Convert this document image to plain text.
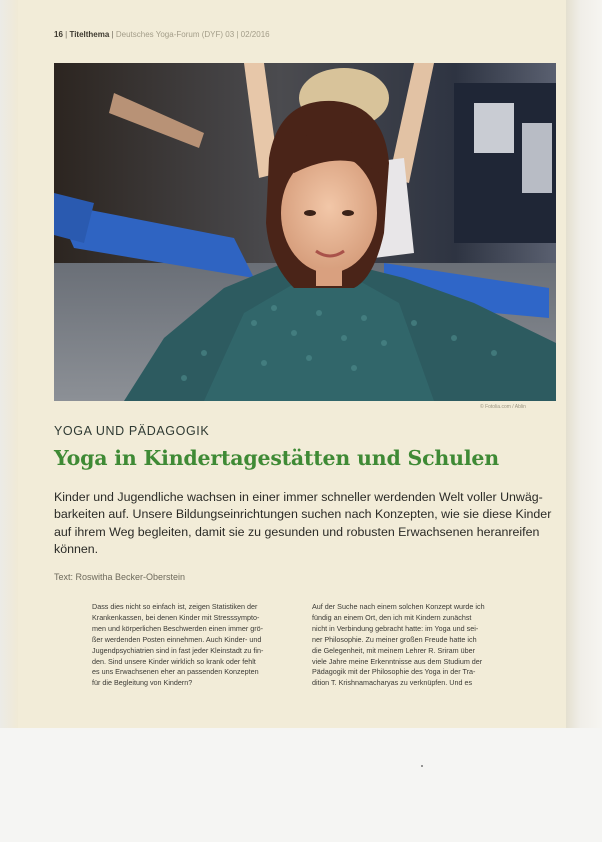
16 | Titelthema | Deutsches Yoga-Forum (DYF) 03 | 02/2016
© Fotolia.com / Ablin
YOGA UND PÄDAGOGIK
Yoga in Kindertagestätten und Schulen
Kinder und Jugendliche wachsen in einer immer schneller werdenden Welt voller Unwäg-
barkeiten auf. Unsere Bildungseinrichtungen suchen nach Konzepten, wie sie diese Kinder
auf ihrem Weg begleiten, damit sie zu gesunden und robusten Erwachsenen heranreifen
können.
Text: Roswitha Becker-Oberstein
Dass dies nicht so einfach ist, zeigen Statistiken der
Krankenkassen, bei denen Kinder mit Stresssympto-
men und körperlichen Beschwerden einen immer grö-
ßer werdenden Posten einnehmen. Auch Kinder- und
Jugendpsychiatrien sind in fast jeder Kleinstadt zu fin-
den. Sind unsere Kinder wirklich so krank oder fehlt
es uns Erwachsenen eher an passenden Konzepten
für die Begleitung von Kindern?
Auf der Suche nach einem solchen Konzept wurde ich
fündig an einem Ort, den ich mit Kindern zunächst
nicht in Verbindung gebracht hatte: im Yoga und sei-
ner Philosophie. Zu meiner großen Freude hatte ich
die Gelegenheit, mit meinem Lehrer R. Sriram über
viele Jahre meine Erkenntnisse aus dem Studium der
Pädagogik mit der Philosophie des Yoga in der Tra-
dition T. Krishnamacharyas zu verknüpfen. Und es
